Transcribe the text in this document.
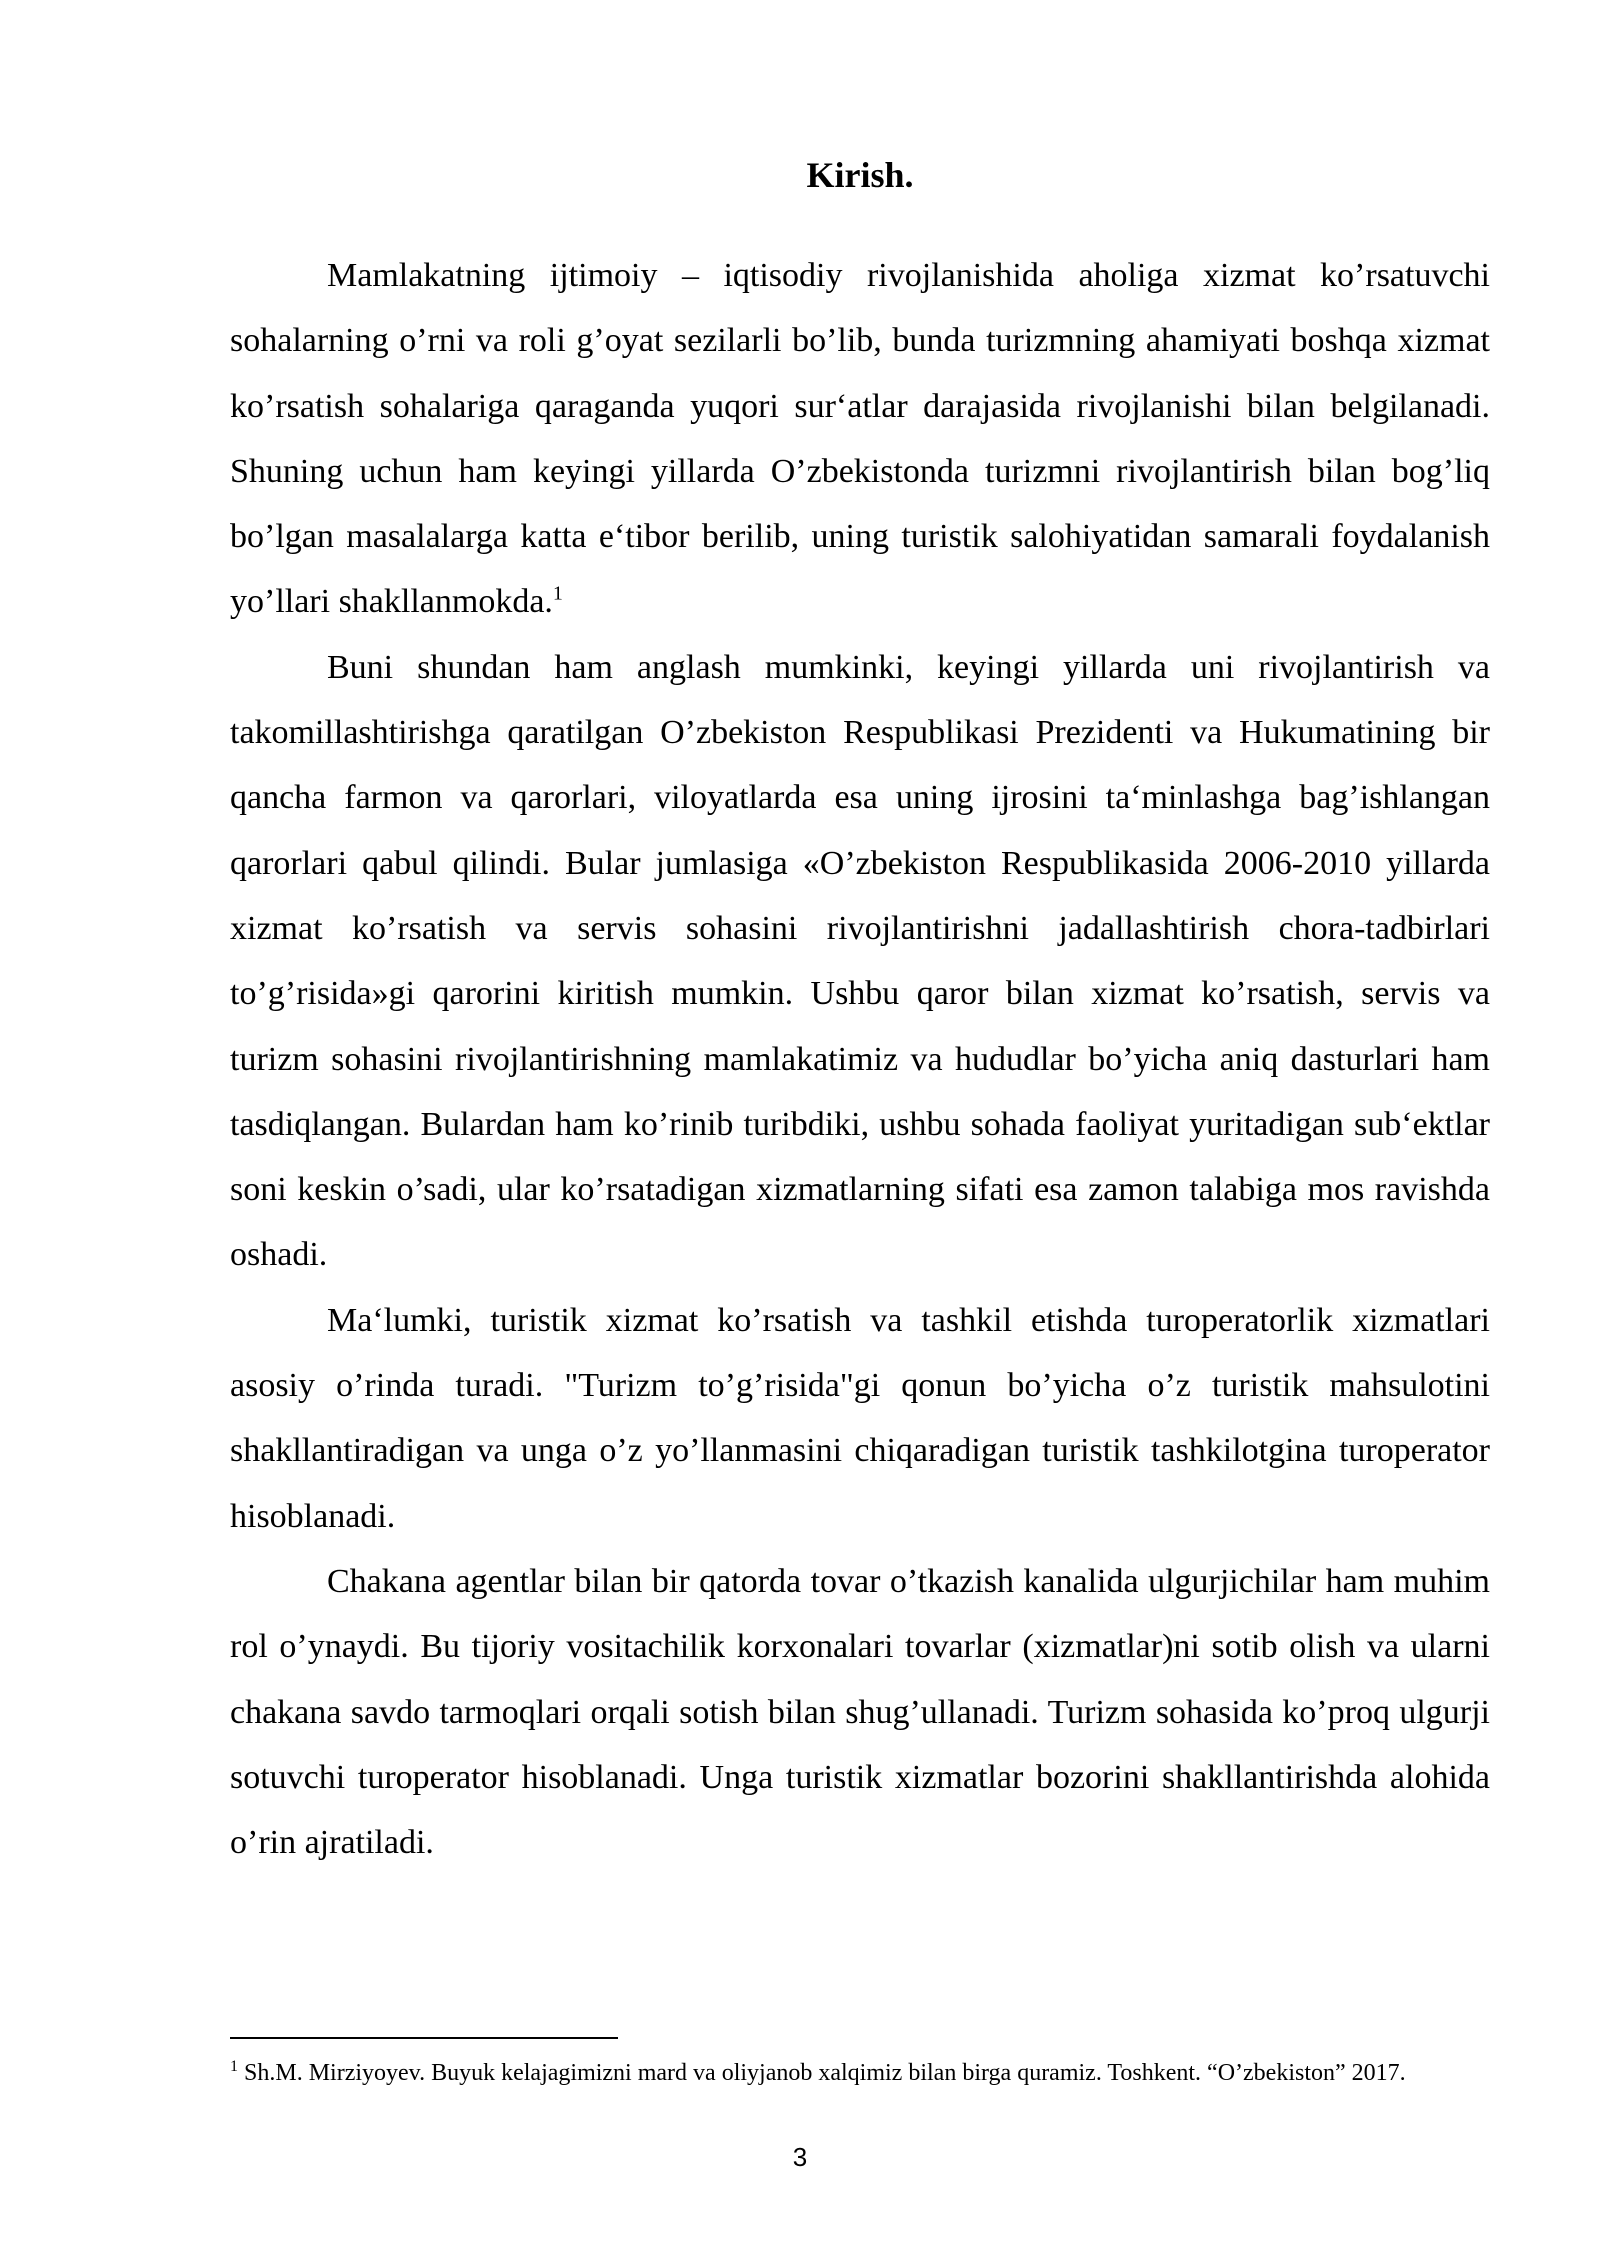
Kirish.

Mamlakatning ijtimoiy – iqtisodiy rivojlanishida aholiga xizmat ko’rsatuvchi sohalarning o’rni va roli g’oyat sezilarli bo’lib, bunda turizmning ahamiyati boshqa xizmat ko’rsatish sohalariga qaraganda yuqori sur‘atlar darajasida rivojlanishi bilan belgilanadi. Shuning uchun ham keyingi yillarda O’zbekistonda turizmni rivojlantirish bilan bog’liq bo’lgan masalalarga katta e‘tibor berilib, uning turistik salohiyatidan samarali foydalanish yo’llari shakllanmokda.$^1$

Buni shundan ham anglash mumkinki, keyingi yillarda uni rivojlantirish va takomillashtirishga qaratilgan O’zbekiston Respublikasi Prezidenti va Hukumatining bir qancha farmon va qarorlari, viloyatlarda esa uning ijrosini ta‘minlashga bag’ishlangan qarorlari qabul qilindi. Bular jumlasiga «O’zbekiston Respublikasida 2006-2010 yillarda xizmat ko’rsatish va servis sohasini rivojlantirishni jadallashtirish chora-tadbirlari to’g’risida»gi qarorini kiritish mumkin. Ushbu qaror bilan xizmat ko’rsatish, servis va turizm sohasini rivojlantirishning mamlakatimiz va hududlar bo’yicha aniq dasturlari ham tasdiqlangan. Bulardan ham ko’rinib turibdiki, ushbu sohada faoliyat yuritadigan sub‘ektlar soni keskin o’sadi, ular ko’rsatadigan xizmatlarning sifati esa zamon talabiga mos ravishda oshadi.

Ma‘lumki, turistik xizmat ko’rsatish va tashkil etishda turoperatorlik xizmatlari asosiy o’rinda turadi. "Turizm to’g’risida"gi qonun bo’yicha o’z turistik mahsulotini shakllantiradigan va unga o’z yo’llanmasini chiqaradigan turistik tashkilotgina turoperator hisoblanadi.

Chakana agentlar bilan bir qatorda tovar o’tkazish kanalida ulgurjichilar ham muhim rol o’ynaydi. Bu tijoriy vositachilik korxonalari tovarlar (xizmatlar)ni sotib olish va ularni chakana savdo tarmoqlari orqali sotish bilan shug’ullanadi. Turizm sohasida ko’proq ulgurji sotuvchi turoperator hisoblanadi. Unga turistik xizmatlar bozorini shakllantirishda alohida o’rin ajratiladi.

$^1$ Sh.M. Mirziyoyev. Buyuk kelajagimizni mard va oliyjanob xalqimiz bilan birga quramiz. Toshkent. “O’zbekiston” 2017.

3
